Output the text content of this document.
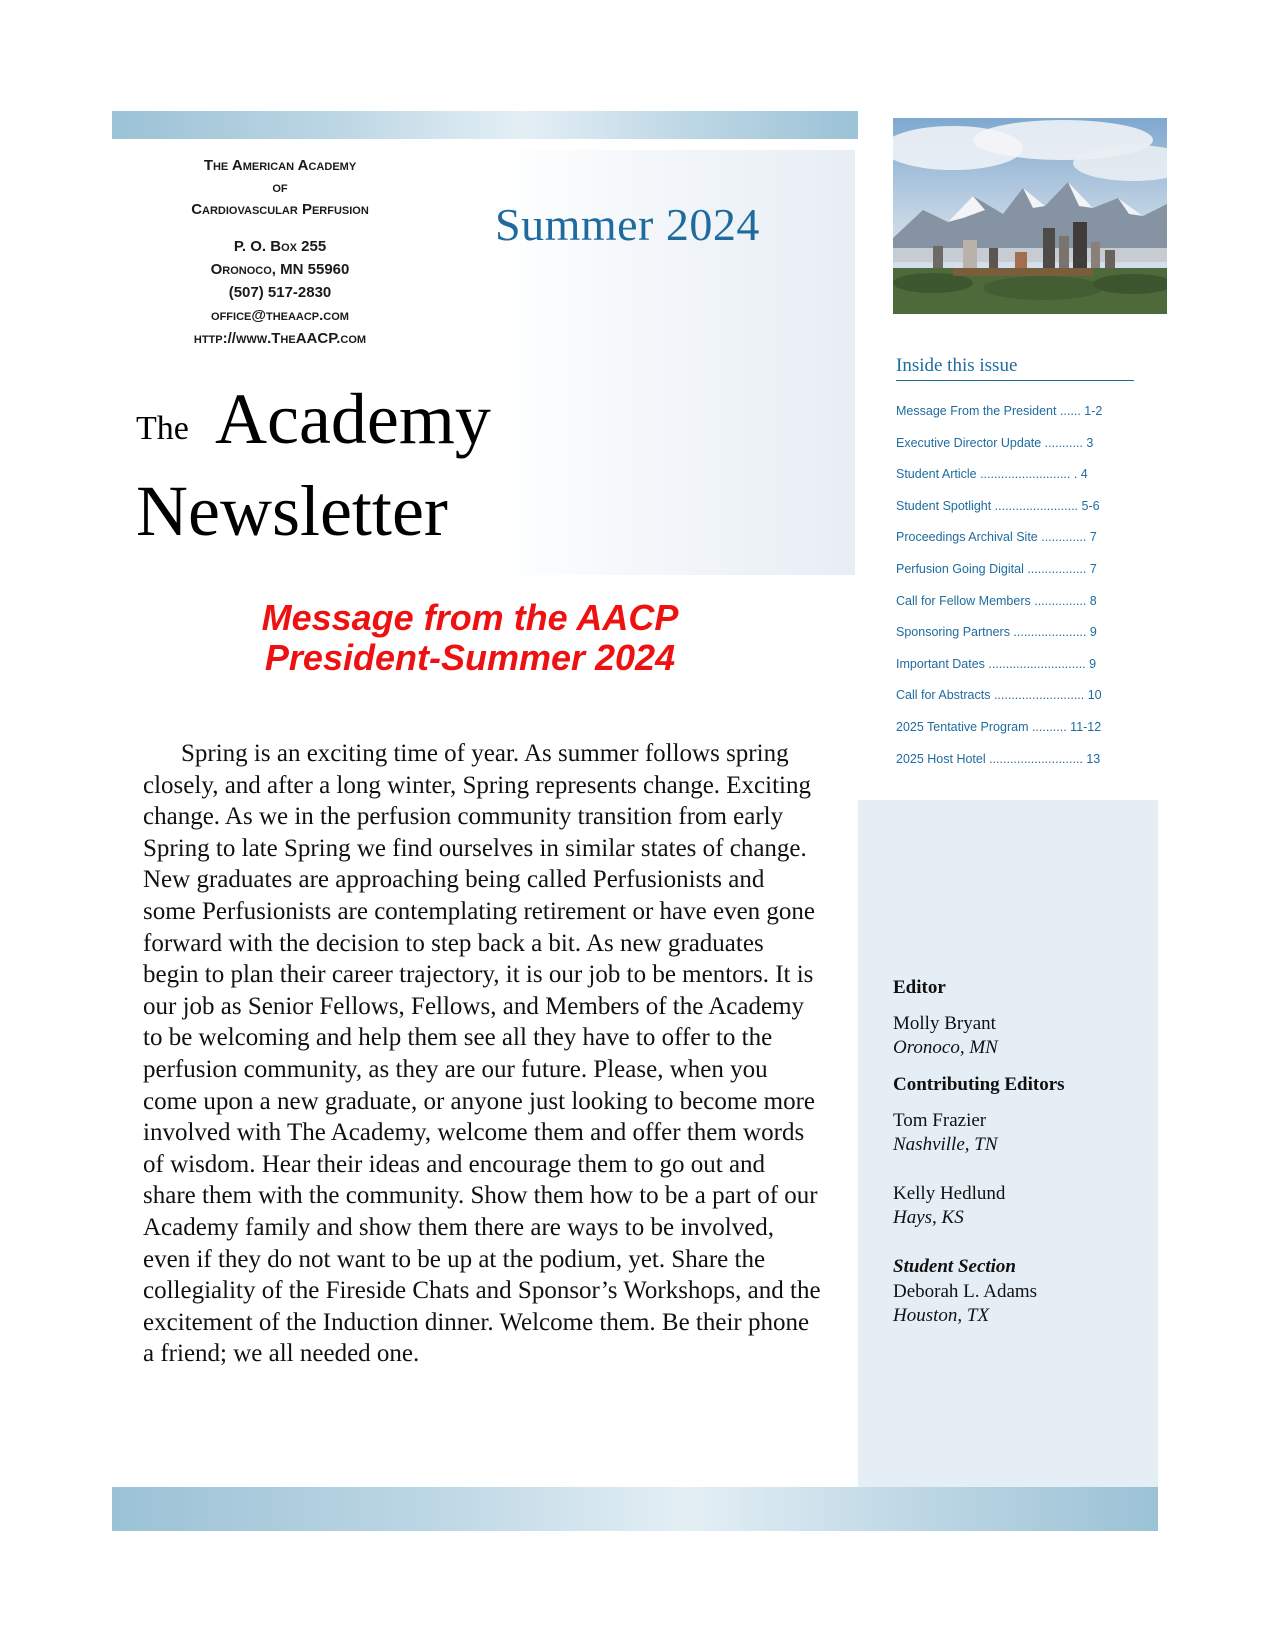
The American Academy
of
Cardiovascular Perfusion
P. O. Box 255
Oronoco, MN 55960
(507) 517-2830
office@theaacp.com
http://www.TheAACP.com
Summer 2024
The Academy
Newsletter
Message from the AACP
President-Summer 2024
Spring is an exciting time of year. As summer follows spring closely, and after a long winter, Spring represents change. Exciting change. As we in the perfusion community transition from early Spring to late Spring we find ourselves in similar states of change. New graduates are approaching being called Perfusionists and some Perfusionists are contemplating retirement or have even gone forward with the decision to step back a bit. As new graduates begin to plan their career trajectory, it is our job to be mentors. It is our job as Senior Fellows, Fellows, and Members of the Academy to be welcoming and help them see all they have to offer to the perfusion community, as they are our future. Please, when you come upon a new graduate, or anyone just looking to become more involved with The Academy, welcome them and offer them words of wisdom. Hear their ideas and encourage them to go out and share them with the community. Show them how to be a part of our Academy family and show them there are ways to be involved, even if they do not want to be up at the podium, yet. Share the collegiality of the Fireside Chats and Sponsor’s Workshops, and the excitement of the Induction dinner. Welcome them. Be their phone a friend; we all needed one.
Inside this issue
Message From the President ...... 1-2
Executive Director Update ........... 3
Student Article .......................... . 4
Student Spotlight ........................ 5-6
Proceedings Archival Site ............. 7
Perfusion Going Digital ................. 7
Call for Fellow Members ............... 8
Sponsoring Partners ..................... 9
Important Dates ............................ 9
Call for Abstracts .......................... 10
2025 Tentative Program .......... 11-12
2025 Host Hotel ........................... 13
Editor
Molly Bryant
Oronoco, MN
Contributing Editors
Tom Frazier
Nashville, TN
Kelly Hedlund
Hays, KS
Student Section
Deborah L. Adams
Houston, TX
